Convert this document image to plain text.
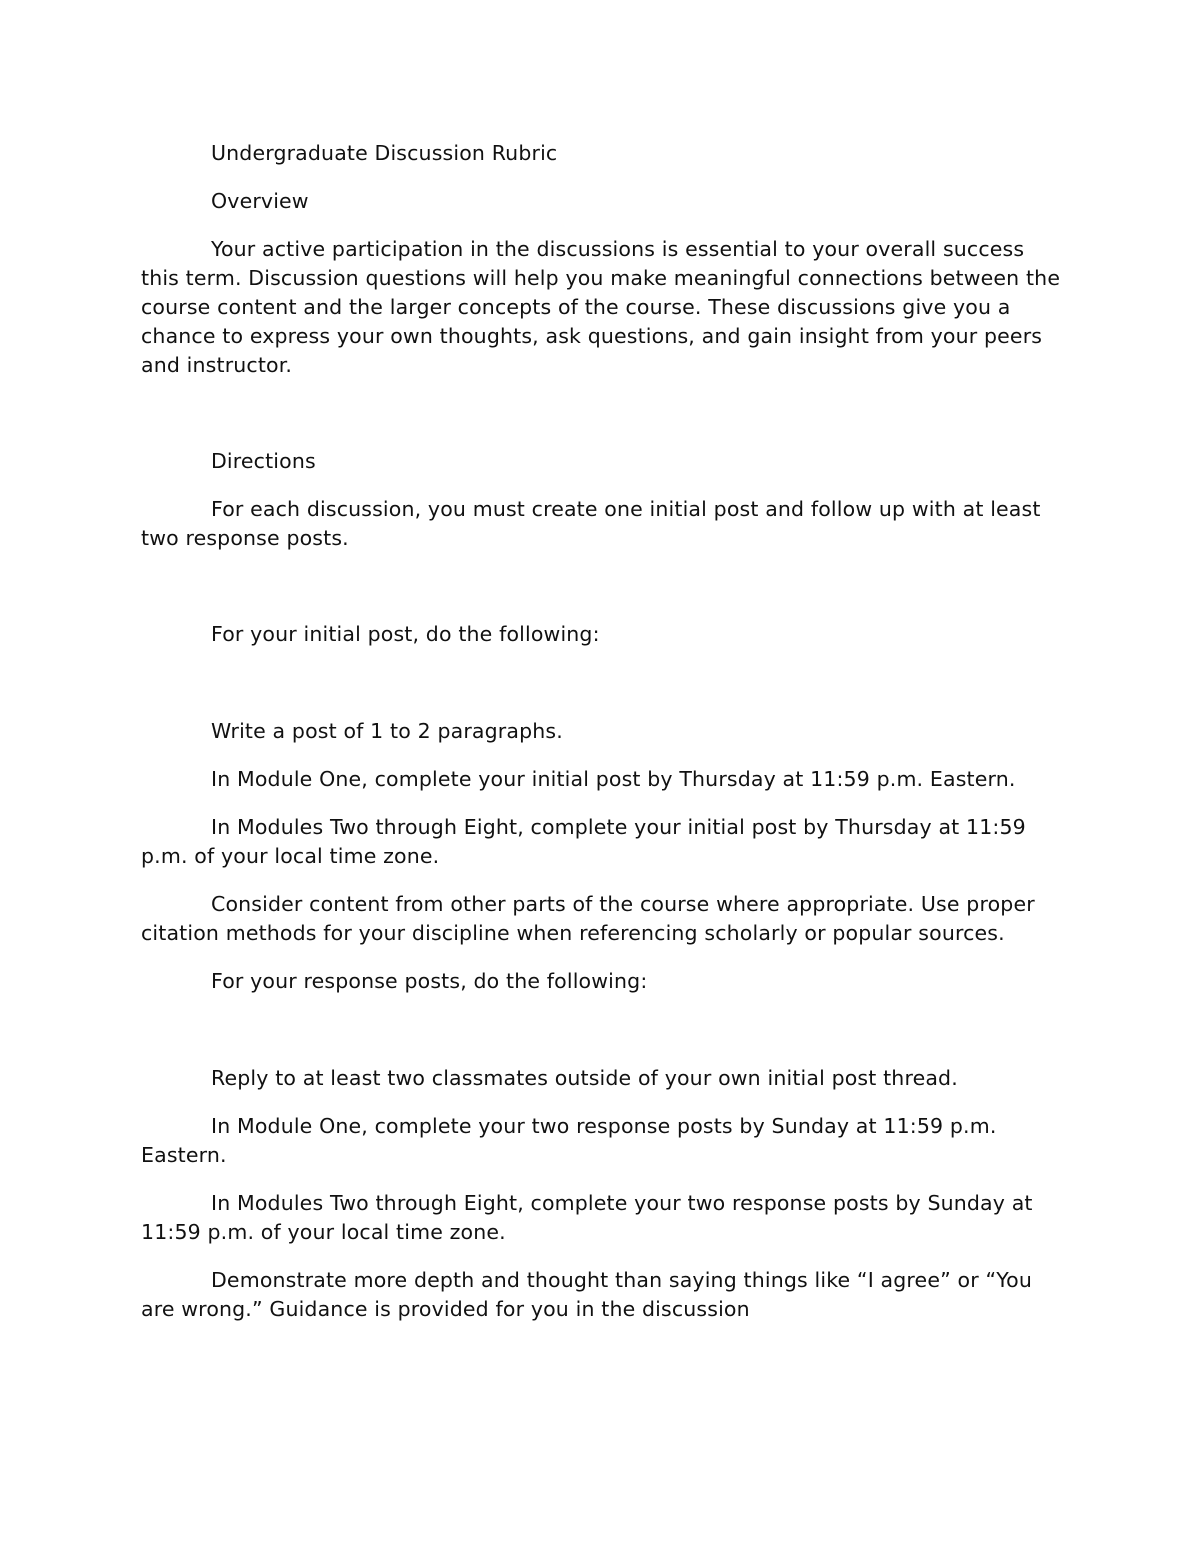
Undergraduate Discussion Rubric

Overview

Your active participation in the discussions is essential to your overall success this term. Discussion questions will help you make meaningful connections between the course content and the larger concepts of the course. These discussions give you a chance to express your own thoughts, ask questions, and gain insight from your peers and instructor.

Directions

For each discussion, you must create one initial post and follow up with at least two response posts.

For your initial post, do the following:

Write a post of 1 to 2 paragraphs.

In Module One, complete your initial post by Thursday at 11:59 p.m. Eastern.

In Modules Two through Eight, complete your initial post by Thursday at 11:59 p.m. of your local time zone.

Consider content from other parts of the course where appropriate. Use proper citation methods for your discipline when referencing scholarly or popular sources.

For your response posts, do the following:

Reply to at least two classmates outside of your own initial post thread.

In Module One, complete your two response posts by Sunday at 11:59 p.m. Eastern.

In Modules Two through Eight, complete your two response posts by Sunday at 11:59 p.m. of your local time zone.

Demonstrate more depth and thought than saying things like “I agree” or “You are wrong.” Guidance is provided for you in the discussion
